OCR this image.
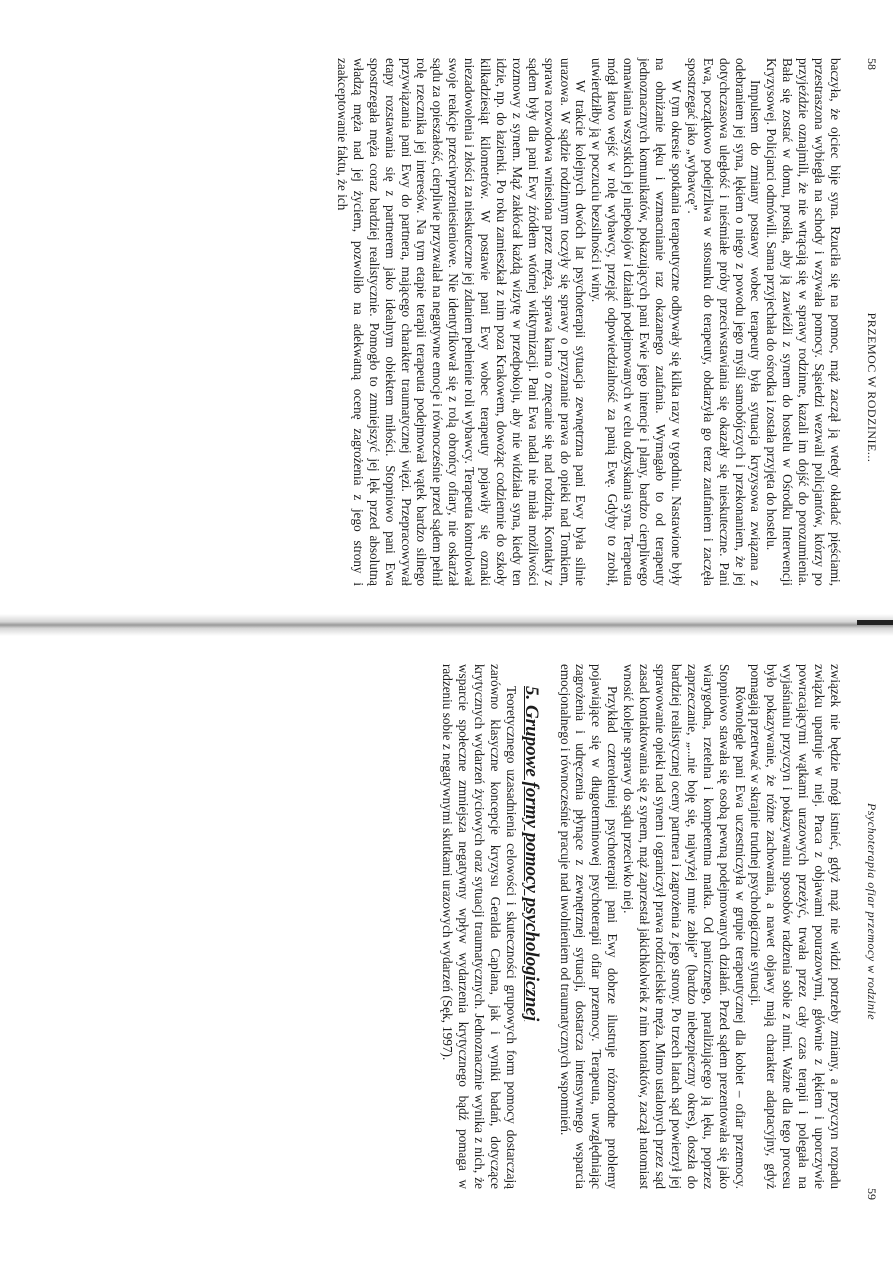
58
PRZEMOC W RODZINIE...

baczyła, że ojciec bije syna. Rzuciła się na pomoc, mąż zaczął ją wtedy okładać pięściami, przestraszona wybiegła na schody i wzywała pomocy. Sąsiedzi wezwali policjantów, którzy po przyjeździe oznajmili, że nie wtrącają się w sprawy rodzinne, kazali im dojść do porozumienia. Bała się zostać w domu, prosiła, aby ją zawieźli z synem do hostelu w Ośrodku Interwencji Kryzysowej. Policjanci odmówili. Sama przyjechała do ośrodka i została przyjęta do hostelu.

Impulsem do zmiany postawy wobec terapeuty była sytuacja kryzysowa związana z odebraniem jej syna, lękiem o niego z powodu jego myśli samobójczych i przekonaniem, że jej dotychczasowa uległość i nieśmiałe próby przeciwstawiania się okazały się nieskuteczne. Pani Ewa, początkowo podejrzliwa w stosunku do terapeuty, obdarzyła go teraz zaufaniem i zaczęła spostrzegać jako „wybawcę”.

W tym okresie spotkania terapeutyczne odbywały się kilka razy w tygodniu. Nastawione były na obniżanie lęku i wzmacnianie raz okazanego zaufania. Wymagało to od terapeuty jednoznacznych komunikatów, pokazujących pani Ewie jego intencje i plany, bardzo cierpliwego omawiania wszystkich jej niepokojów i działań podejmowanych w celu odzyskania syna. Terapeuta mógł łatwo wejść w rolę wybawcy, przejąć odpowiedzialność za panią Ewę. Gdyby to zrobił, utwierdziłby ją w poczuciu bezsilności i winy.

W trakcie kolejnych dwóch lat psychoterapii sytuacja zewnętrzna pani Ewy była silnie urazowa. W sądzie rodzinnym toczyły się sprawy o przyznanie prawa do opieki nad Tomkiem, sprawa rozwodowa wniesiona przez męża, sprawa karna o znęcanie się nad rodziną. Kontakty z sądem były dla pani Ewy źródłem wtórnej wiktymizacji. Pani Ewa nadal nie miała możliwości rozmowy z synem. Mąż zakłócał każdą wizytę w przedpokoju, aby nie widziała syna, kiedy ten idzie, np. do łazienki. Po roku zamieszkał z nim poza Krakowem, dowożąc codziennie do szkoły kilkadziesiąt kilometrów. W postawie pani Ewy wobec terapeuty pojawiły się oznaki niezadowolenia i złości za nieskuteczne jej zdaniem pełnienie roli wybawcy. Terapeuta kontrolował swoje reakcje przeciwprzeniesieniowe. Nie identyfikował się z rolą obrońcy ofiary, nie oskarżał sądu za opieszałość, cierpliwie przyzwalał na negatywne emocje i równocześnie przed sądem pełnił rolę rzecznika jej interesów. Na tym etapie terapii terapeuta podejmował wątek bardzo silnego przywiązania pani Ewy do partnera, mającego charakter traumatycznej więzi. Przepracowywał etapy rozstawania się z partnerem jako idealnym obiektem miłości. Stopniowo pani Ewa spostrzegała męża coraz bardziej realistycznie. Pomogło to zmniejszyć jej lęk przed absolutną władzą męża nad jej życiem, pozwoliło na adekwatną ocenę zagrożenia z jego strony i zaakceptowanie faktu, że ich

Psychoterapia ofiar przemocy w rodzinie

związek nie będzie mógł istnieć, gdyż mąż nie widzi potrzeby zmiany, a przyczyn rozpadu związku upatruje w niej. Praca z objawami pourazowymi, głównie z lękiem i uporczywie powracającymi wątkami urazowych przeżyć, trwała przez cały czas terapii i polegała na wyjaśnianiu przyczyn i pokazywaniu sposobów radzenia sobie z nimi. Ważne dla tego procesu było pokazywanie, że różne zachowania, a nawet objawy mają charakter adaptacyjny, gdyż pomagają przetrwać w skrajnie trudnej psychologicznie sytuacji.

Równolegle pani Ewa uczestniczyła w grupie terapeutycznej dla kobiet – ofiar przemocy. Stopniowo stawała się osobą pewną podejmowanych działań. Przed sądem prezentowała się jako wiarygodna, rzetelna i kompetentna matka. Od panicznego, paraliżującego ją lęku, poprzez zaprzeczanie, „...nie boję się, najwyżej mnie zabije” (bardzo niebezpieczny okres), doszła do bardziej realistycznej oceny partnera i zagrożenia z jego strony. Po trzech latach sąd powierzył jej sprawowanie opieki nad synem i ograniczył prawa rodzicielskie męża. Mimo ustalonych przez sąd zasad kontaktowania się z synem, mąż zaprzestał jakichkolwiek z nim kontaktów, zaczął natomiast wnosić kolejne sprawy do sądu przeciwko niej.

Przykład czteroletniej psychoterapii pani Ewy dobrze ilustruje różnorodne problemy pojawiające się w długoterminowej psychoterapii ofiar przemocy. Terapeuta, uwzględniając zagrożenia i udręczenia płynące z zewnętrznej sytuacji, dostarcza intensywnego wsparcia emocjonalnego i równocześnie pracuje nad uwolnieniem od traumatycznych wspomnień.

5. Grupowe formy pomocy psychologicznej

Teoretycznego uzasadnienia celowości i skuteczności grupowych form pomocy dostarczają zarówno klasyczne koncepcje kryzysu Geralda Caplana, jak i wyniki badań, dotyczące krytycznych wydarzeń życiowych oraz sytuacji traumatycznych. Jednoznacznie wynika z nich, że wsparcie społeczne zmniejsza negatywny wpływ wydarzenia krytycznego bądź pomaga w radzeniu sobie z negatywnymi skutkami urazowych wydarzeń (Sęk, 1997).

59
